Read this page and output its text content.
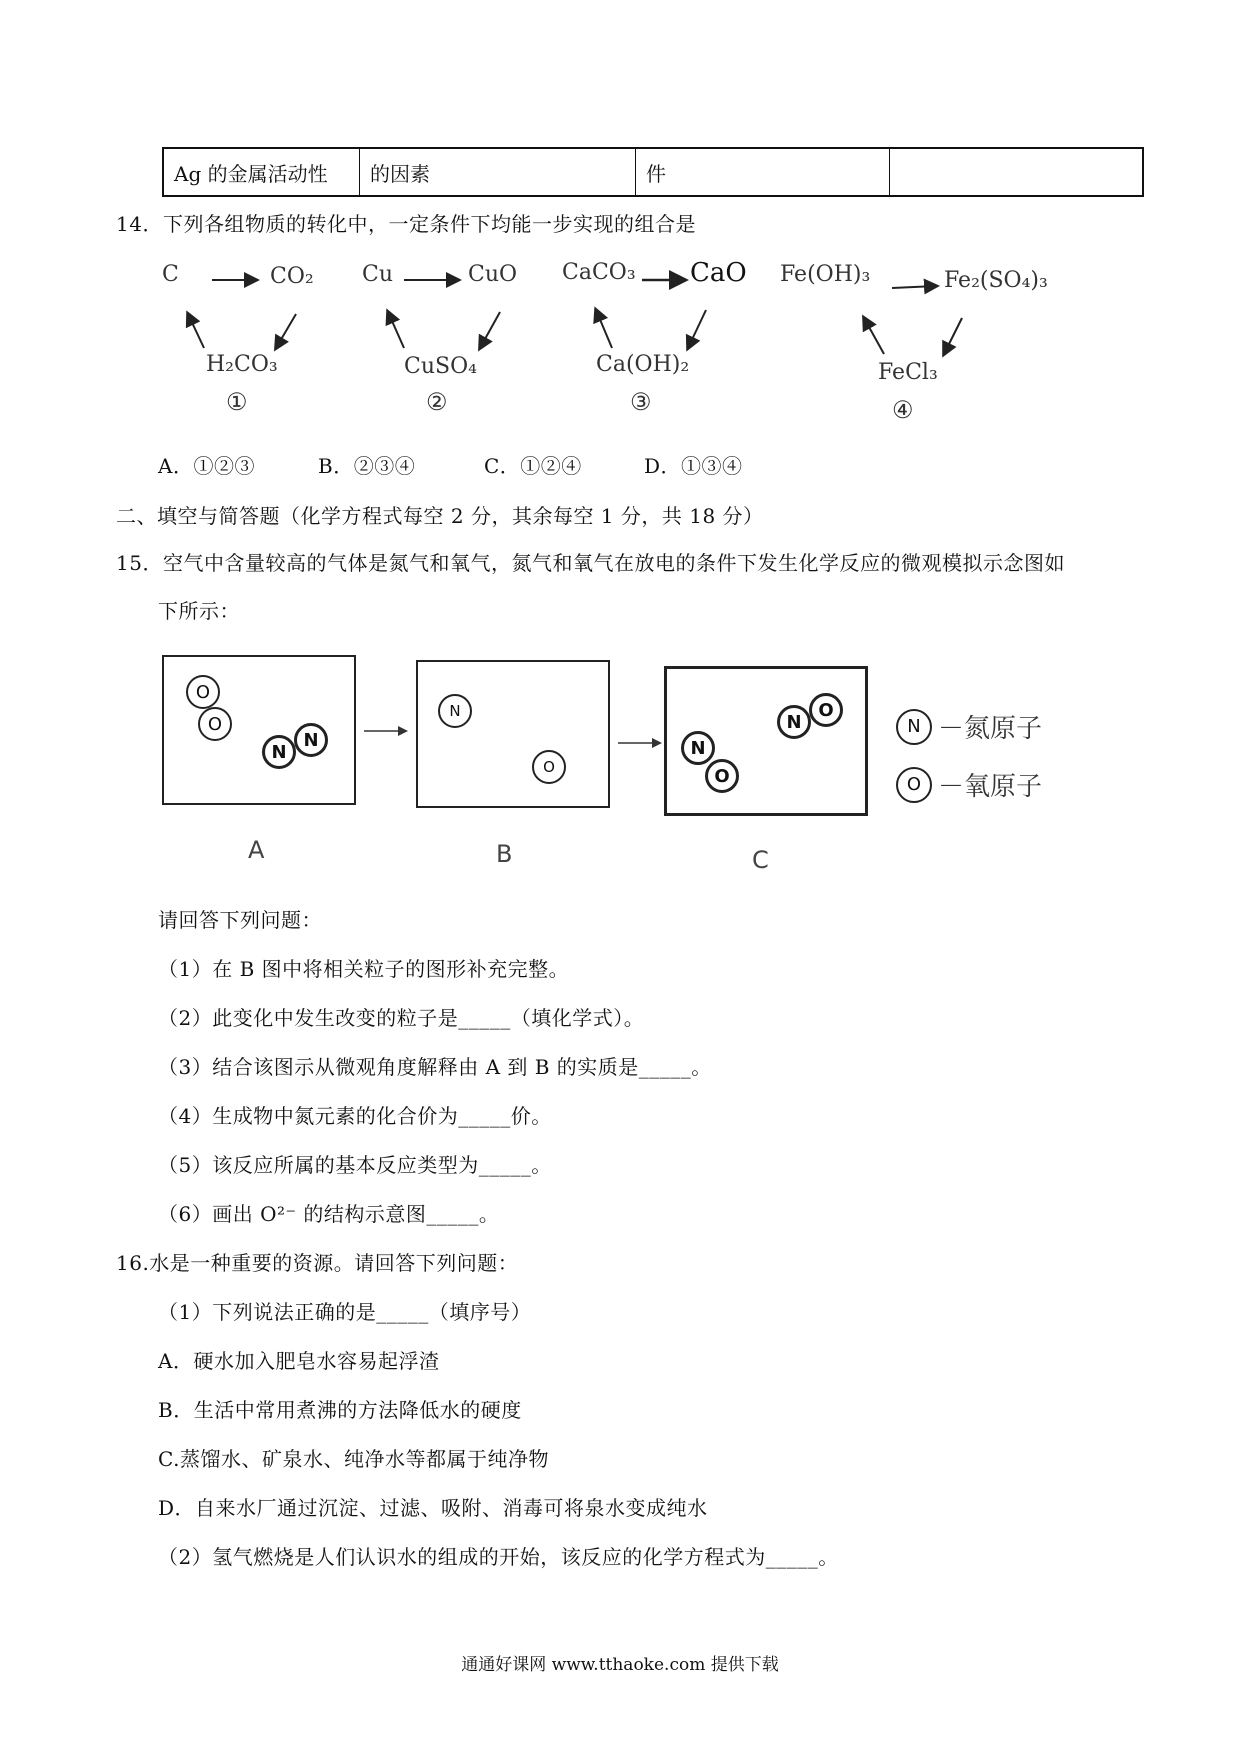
Ag 的金属活动性	的因素	件
14．下列各组物质的转化中，一定条件下均能一步实现的组合是
C	CO₂
H₂CO₃
①
Cu	CuO
CuSO₄
②
CaCO₃ CaO
Ca(OH)₂
③
Fe(OH)₃	Fe₂(SO₄)₃
FeCl₃
④
A．①②③	B．②③④	C．①②④	D．①③④
二、填空与简答题（化学方程式每空 2 分，其余每空 1 分，共 18 分）
15．空气中含量较高的气体是氮气和氧气，氮气和氧气在放电的条件下发生化学反应的微观模拟示念图如
下所示：
O
O
N
N
N
O
N
O
N
O
A	B	C
N －氮原子
O －氧原子
请回答下列问题：
（1）在 B 图中将相关粒子的图形补充完整。
（2）此变化中发生改变的粒子是_____（填化学式）。
（3）结合该图示从微观角度解释由 A 到 B 的实质是_____。
（4）生成物中氮元素的化合价为_____价。
（5）该反应所属的基本反应类型为_____。
（6）画出 O²⁻ 的结构示意图_____。
16.水是一种重要的资源。请回答下列问题：
（1）下列说法正确的是_____（填序号）
A．硬水加入肥皂水容易起浮渣
B．生活中常用煮沸的方法降低水的硬度
C.蒸馏水、矿泉水、纯净水等都属于纯净物
D．自来水厂通过沉淀、过滤、吸附、消毒可将泉水变成纯水
（2）氢气燃烧是人们认识水的组成的开始，该反应的化学方程式为_____。
通通好课网 www.tthaoke.com 提供下载
